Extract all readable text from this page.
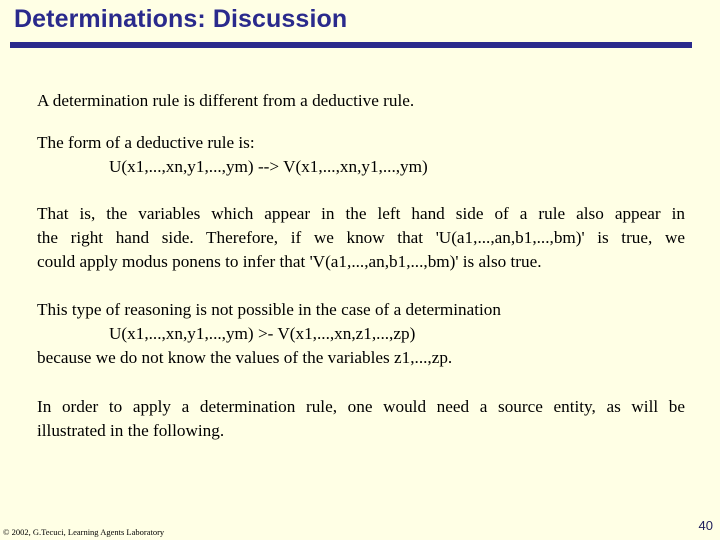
Determinations: Discussion
A determination rule is different from a deductive rule.
The form of a deductive rule is:
U(x1,...,xn,y1,...,ym) --> V(x1,...,xn,y1,...,ym)
That is, the variables which appear in the left hand side of a rule also appear in
the right hand side. Therefore, if we know that 'U(a1,...,an,b1,...,bm)' is true, we
could apply modus ponens to infer that 'V(a1,...,an,b1,...,bm)' is also true.
This type of reasoning is not possible in the case of a determination
U(x1,...,xn,y1,...,ym) >- V(x1,...,xn,z1,...,zp)
because we do not know the values of the variables z1,...,zp.
In order to apply a determination rule, one would need a source entity, as will be
illustrated in the following.
© 2002, G.Tecuci, Learning Agents Laboratory	40
